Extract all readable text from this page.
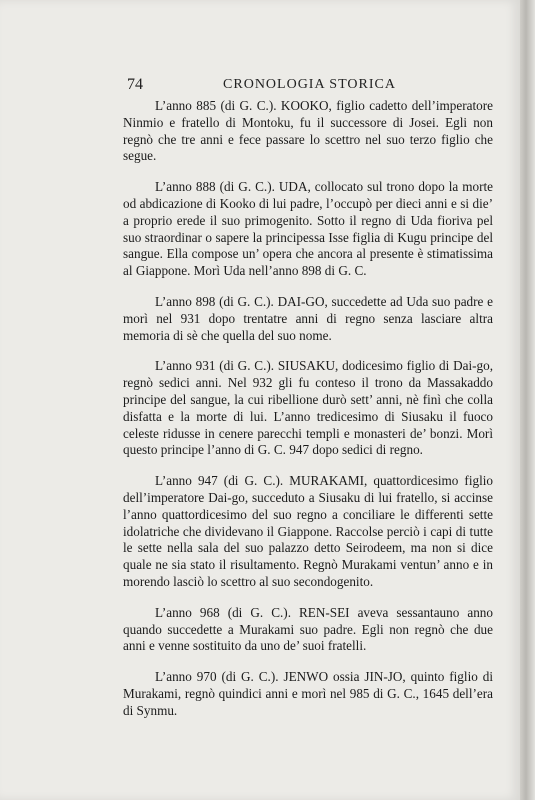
74	CRONOLOGIA STORICA

L’anno 885 (di G. C.). KOOKO, figlio cadetto dell’imperatore Ninmio e fratello di Montoku, fu il successore di Josei. Egli non regnò che tre anni e fece passare lo scettro nel suo terzo figlio che segue.

L’anno 888 (di G. C.). UDA, collocato sul trono dopo la morte od abdicazione di Kooko di lui padre, l’occupò per dieci anni e si die’ a proprio erede il suo primogenito. Sotto il regno di Uda fioriva pel suo straordinar o sapere la principessa Isse figlia di Kugu principe del sangue. Ella compose un’ opera che ancora al presente è stimatissima al Giappone. Morì Uda nell’anno 898 di G. C.

L’anno 898 (di G. C.). DAI-GO, succedette ad Uda suo padre e morì nel 931 dopo trentatre anni di regno senza lasciare altra memoria di sè che quella del suo nome.

L’anno 931 (di G. C.). SIUSAKU, dodicesimo figlio di Dai-go, regnò sedici anni. Nel 932 gli fu conteso il trono da Massakaddo principe del sangue, la cui ribellione durò sett’ anni, nè finì che colla disfatta e la morte di lui. L’anno tredicesimo di Siusaku il fuoco celeste ridusse in cenere parecchi templi e monasteri de’ bonzi. Morì questo principe l’anno di G. C. 947 dopo sedici di regno.

L’anno 947 (di G. C.). MURAKAMI, quattordicesimo figlio dell’imperatore Dai-go, succeduto a Siusaku di lui fratello, si accinse l’anno quattordicesimo del suo regno a conciliare le differenti sette idolatriche che dividevano il Giappone. Raccolse perciò i capi di tutte le sette nella sala del suo palazzo detto Seirodeem, ma non si dice quale ne sia stato il risultamento. Regnò Murakami ventun’ anno e in morendo lasciò lo scettro al suo secondogenito.

L’anno 968 (di G. C.). REN-SEI aveva sessantauno anno quando succedette a Murakami suo padre. Egli non regnò che due anni e venne sostituito da uno de’ suoi fratelli.

L’anno 970 (di G. C.). JENWO ossia JIN-JO, quinto figlio di Murakami, regnò quindici anni e morì nel 985 di G. C., 1645 dell’era di Synmu.
